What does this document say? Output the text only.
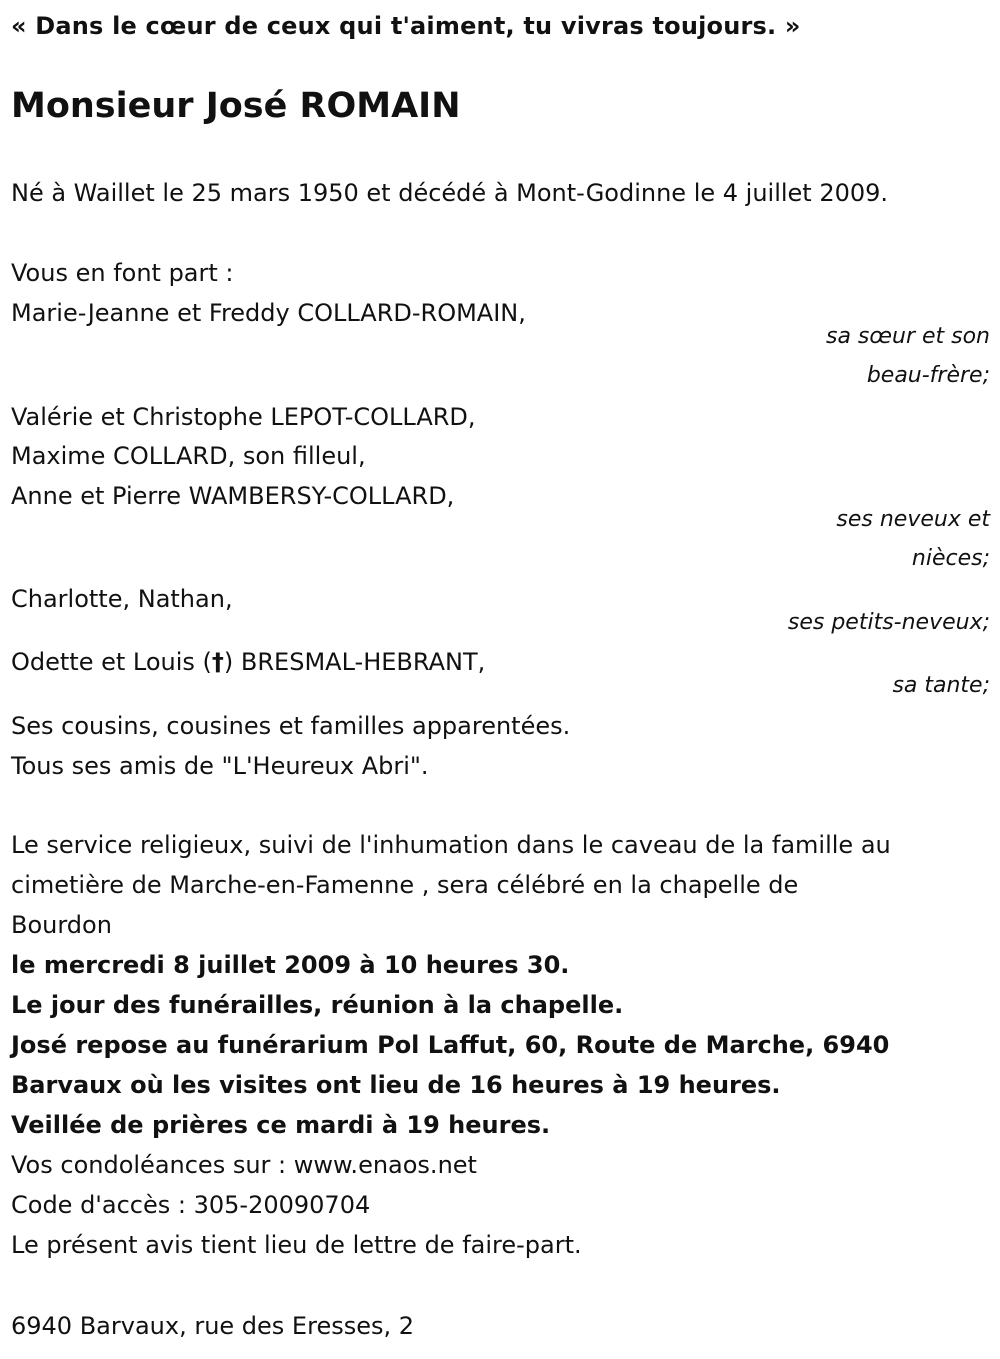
« Dans le cœur de ceux qui t'aiment, tu vivras toujours. »
Monsieur José ROMAIN
Né à Waillet le 25 mars 1950 et décédé à Mont-Godinne le 4 juillet 2009.
Vous en font part :
Marie-Jeanne et Freddy COLLARD-ROMAIN,
sa sœur et son
beau-frère;
Valérie et Christophe LEPOT-COLLARD,
Maxime COLLARD, son filleul,
Anne et Pierre WAMBERSY-COLLARD,
ses neveux et
nièces;
Charlotte, Nathan,
ses petits-neveux;
Odette et Louis (†) BRESMAL-HEBRANT,
sa tante;
Ses cousins, cousines et familles apparentées.
Tous ses amis de "L'Heureux Abri".
Le service religieux, suivi de l'inhumation dans le caveau de la famille au
cimetière de Marche-en-Famenne , sera célébré en la chapelle de
Bourdon
le mercredi 8 juillet 2009 à 10 heures 30.
Le jour des funérailles, réunion à la chapelle.
José repose au funérarium Pol Laffut, 60, Route de Marche, 6940
Barvaux où les visites ont lieu de 16 heures à 19 heures.
Veillée de prières ce mardi à 19 heures.
Vos condoléances sur : www.enaos.net
Code d'accès : 305-20090704
Le présent avis tient lieu de lettre de faire-part.
6940 Barvaux, rue des Eresses, 2
